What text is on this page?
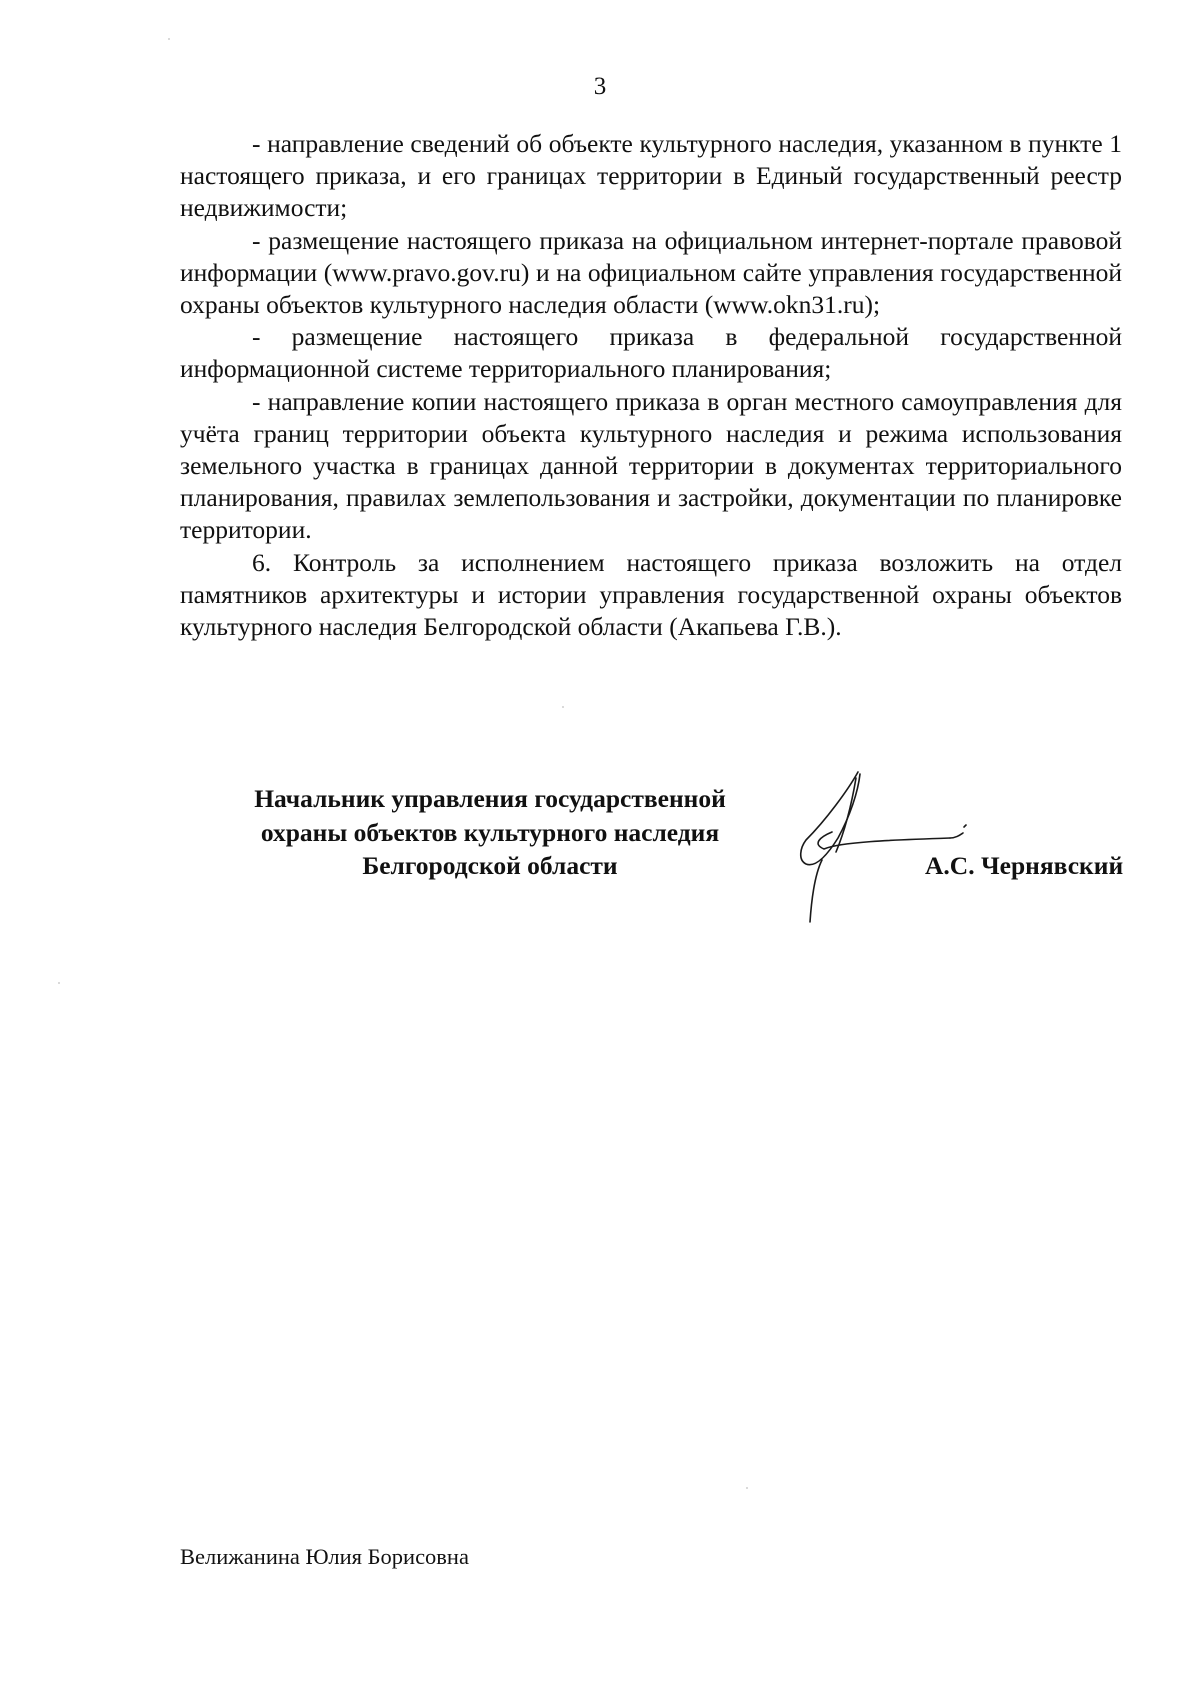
3

- направление сведений об объекте культурного наследия, указанном в пункте 1 настоящего приказа, и его границах территории в Единый государственный реестр недвижимости;

- размещение настоящего приказа на официальном интернет-портале правовой информации (www.pravo.gov.ru) и на официальном сайте управления государственной охраны объектов культурного наследия области (www.okn31.ru);

- размещение настоящего приказа в федеральной государственной информационной системе территориального планирования;

- направление копии настоящего приказа в орган местного самоуправления для учёта границ территории объекта культурного наследия и режима использования земельного участка в границах данной территории в документах территориального планирования, правилах землепользования и застройки, документации по планировке территории.

6. Контроль за исполнением настоящего приказа возложить на отдел памятников архитектуры и истории управления государственной охраны объектов культурного наследия Белгородской области (Акапьева Г.В.).

Начальник управления государственной
охраны объектов культурного наследия
Белгородской области	А.С. Чернявский
Велижанина Юлия Борисовна
